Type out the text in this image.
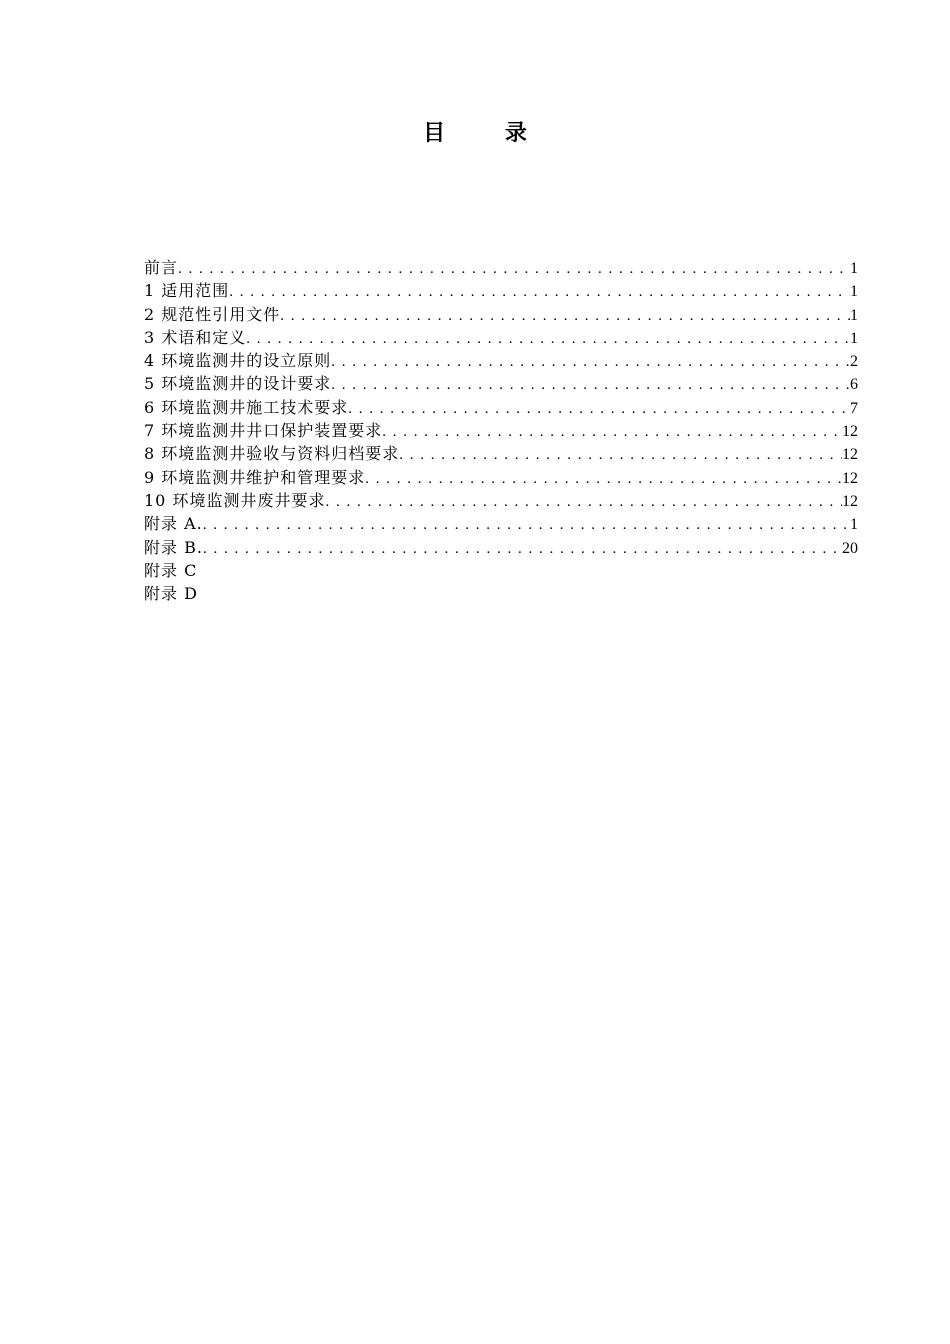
目 录
前言 . . .	1
1 适用范围 . . .	1
2 规范性引用文件 . . .	1
3 术语和定义 . . .	1
4 环境监测井的设立原则 . . .	2
5 环境监测井的设计要求 . . .	6
6 环境监测井施工技术要求 . . .	7
7 环境监测井井口保护装置要求 . . .	12
8 环境监测井验收与资料归档要求 . . .	12
9 环境监测井维护和管理要求 . . .	12
10 环境监测井废井要求 . . .	12
附录 A. . . .	1
附录 B. . . .	20
附录 C
附录 D
